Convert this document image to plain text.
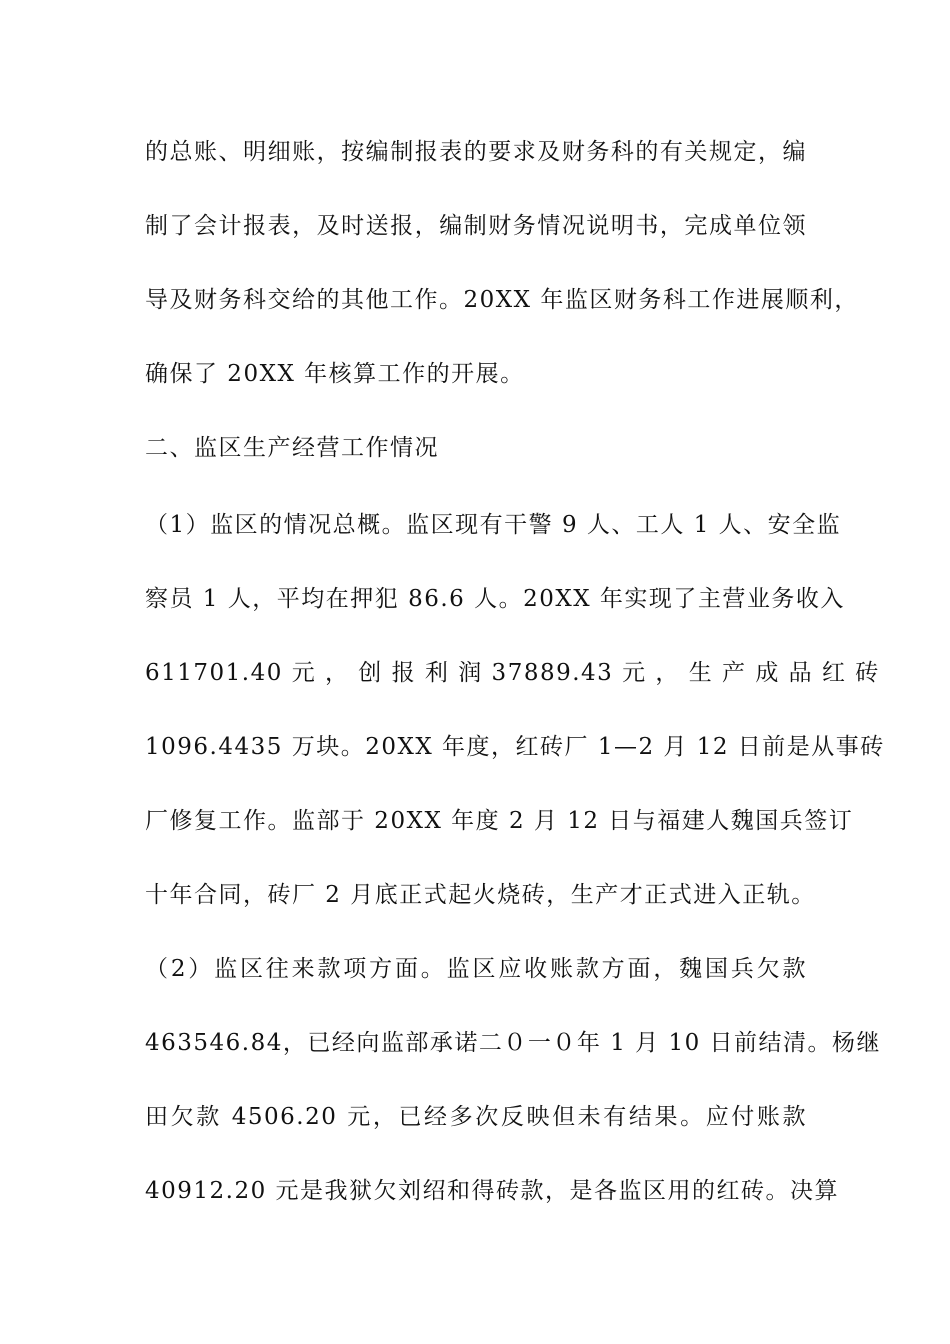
的总账、明细账，按编制报表的要求及财务科的有关规定，编
制了会计报表，及时送报，编制财务情况说明书，完成单位领
导及财务科交给的其他工作。20XX 年监区财务科工作进展顺利，
确保了 20XX 年核算工作的开展。
二、监区生产经营工作情况
（1）监区的情况总概。监区现有干警 9 人、工人 1 人、安全监
察员 1 人，平均在押犯 86.6 人。20XX 年实现了主营业务收入
611701.40 元 ， 创 报 利 润 37889.43 元 ， 生 产 成 品 红 砖
1096.4435 万块。20XX 年度，红砖厂 1—2 月 12 日前是从事砖
厂修复工作。监部于 20XX 年度 2 月 12 日与福建人魏国兵签订
十年合同，砖厂 2 月底正式起火烧砖，生产才正式进入正轨。
（2）监区往来款项方面。监区应收账款方面，魏国兵欠款
463546.84，已经向监部承诺二０一０年 1 月 10 日前结清。杨继
田欠款 4506.20 元，已经多次反映但未有结果。应付账款
40912.20 元是我狱欠刘绍和得砖款，是各监区用的红砖。决算
